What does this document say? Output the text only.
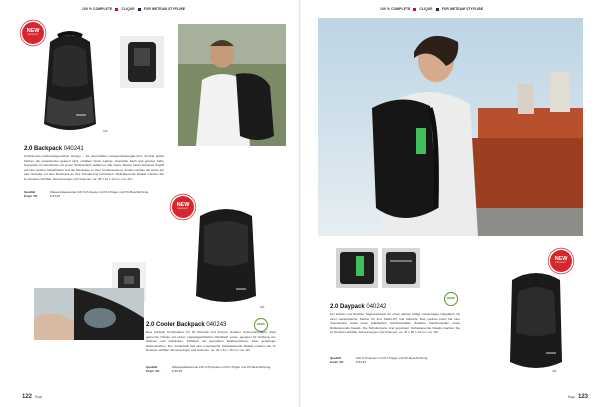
100 % COMPLETE	CLIQUE	FOR METEAM STYFLIBE
NEW
PRODUCT
040
2.0 Backpack 040241
Funktioneus backrucksgeoeffner Design – für ebenmäßen Gelegenheitsergänzend. Zentral gelöst Fächer, die erweiternder getuent sind, erfulltem hinter Laptop. Gepunkte Fach und grosser Sehe Gepunkte mit Verschluss mit einem Schliessfach auffernen. Die obere Tasche bietet debenise Zugriff auf eine weitere Schachtfach und der Rückseite zu Ihrer Voraussetzung. Zudem werden die Gurte auf eine Schulter mit dem Rucksack an Ihre Schulterung kombiniert. Reflektierende Details machen Sie im Dunkeln sichtbar. Abmessungen und Volumen: ca. 45 x 31 x 14 cm / ca. 20 l.
Qualität	Wasserabweisende 100 % Polyester mit PU-Träger und PU-Beschichtung.
Empf. VK:	€ 63,95
NEW
PRODUCT
040
RE/RE
2.0 Cooler Backpack 040243
Eine perfekte Kombination für Ihr Picknick und Freizeit Outdoor Unternehmungen. Zwei getrennte Fächer mit einem stoppelgeschützten Rückfach vorne, geeignet für Kühlung von Speisen und Getränken. Kühlfach mit separatem Reißverschluss. Zwei geräumige Seitentaschen. Der Vorderfach hat eine Innentasche. Reflektierende Details machen Sie im Dunkeln sichtbar. Abmessungen und Volumen: ca. 44 x 32 x 15 cm / ca. 20 l.
Qualität	Wasserabweisende 100 % Polyester mit PU-Träger und PU-Beschichtung.
Empf. VK:	€ 55,95
122 Bags
100 % COMPLETE	CLIQUE	FOR METEAM STYFLIBE
RE/RE
NEW
PRODUCT
040
2.0 Daypack 040242
Ein leichter und flexibler Tagesrucksack für einen aktiven Alltag. Geräumiges Hauptfach mit einer Laptoptasche, Fächer für Ihre Tablet-PC und Zubehör. Das vordere Fach hat eine Innentasche sowie einen praktischen Schlüsselhalter. Seitliche Flaschenhalter sowie Reflektierende Details. Die Schultergurte sind gepolstert. Reflektierende Details machen Sie im Dunkeln sichtbar. Abmessungen und Volumen: ca. 47 x 28 x 13 cm / ca. 18 l.
Qualität	100 % Polyester mit PU-Träger und PU-Beschichtung.
Empf. VK:	€ 54,95
Bags 123
